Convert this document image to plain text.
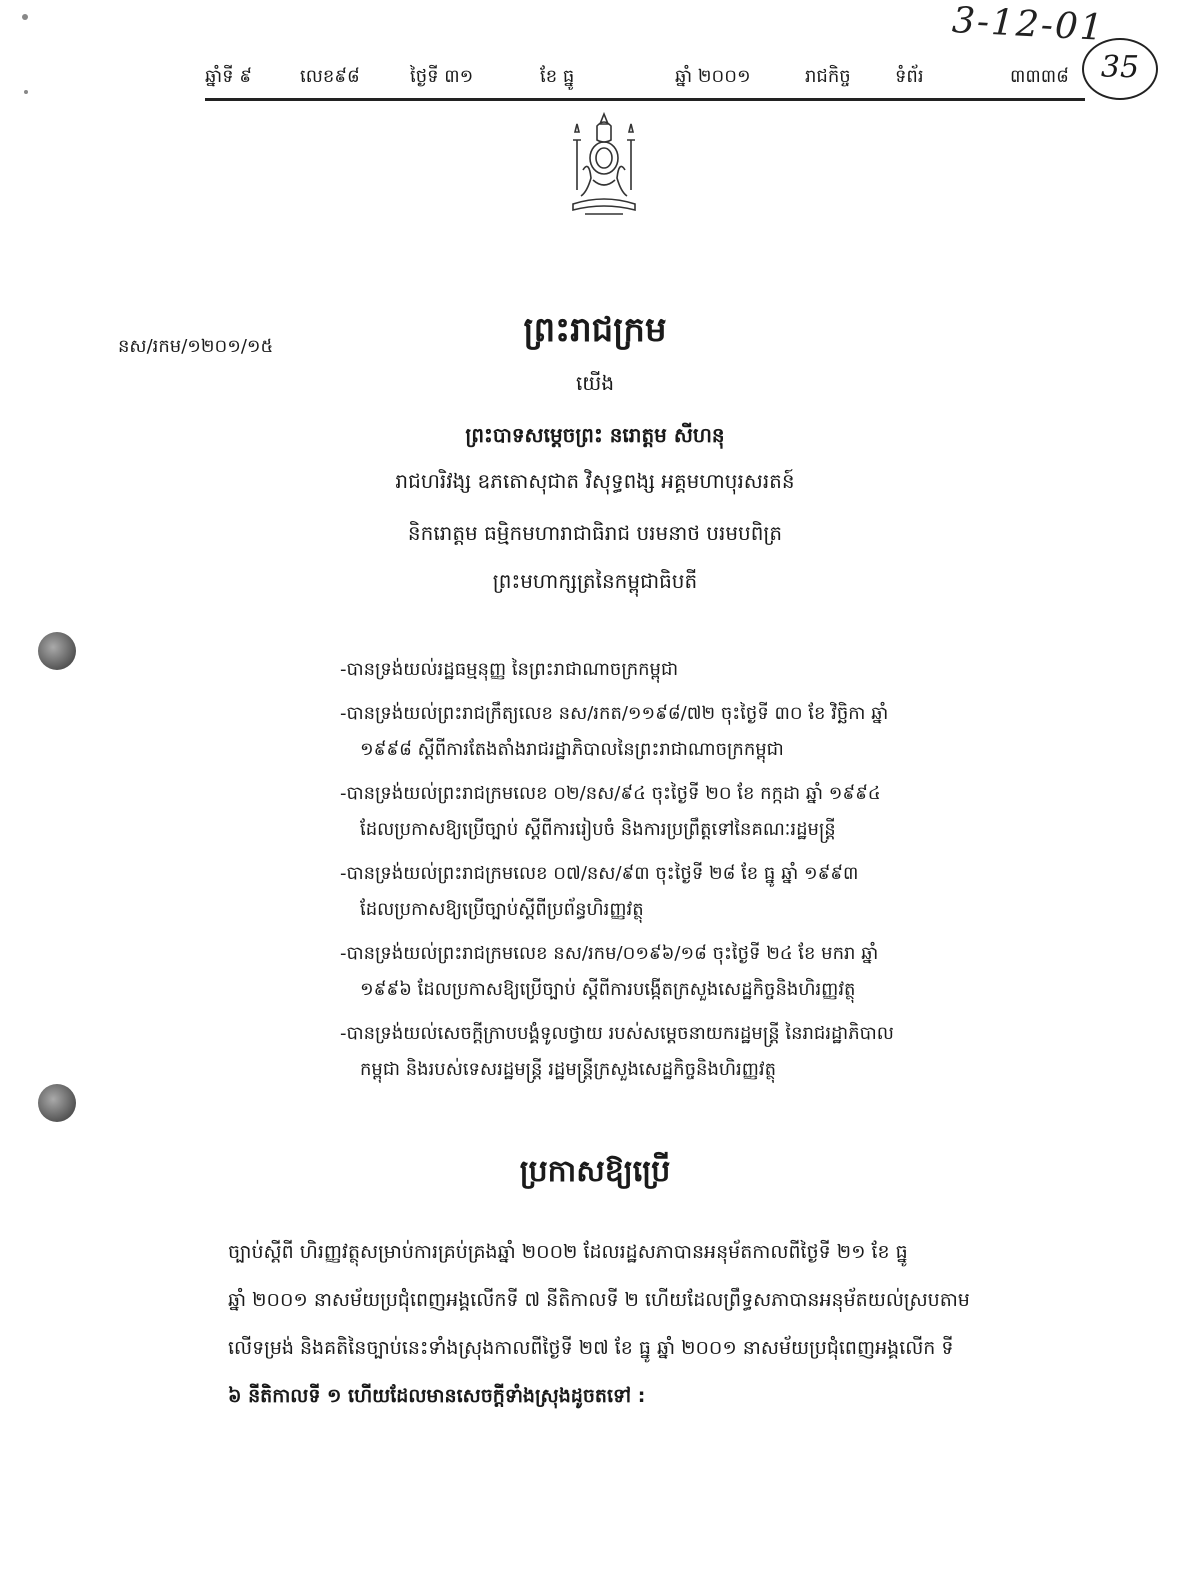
3-12-01
35
ឆ្នាំទី ៩	លេខ៩៨	ថ្ងៃទី ៣១	ខែ ធ្នូ	ឆ្នាំ ២០០១	រាជកិច្ច ទំព័រ	៣៣៣៨
នស/រកម/១២០១/១៥	ព្រះរាជក្រម
យើង
ព្រះបាទសម្តេចព្រះ នរោត្តម សីហនុ
រាជហរិវង្ស ឧភតោសុជាត វិសុទ្ធពង្ស អគ្គមហាបុរសរតន៍
និករោត្តម ធម្មិកមហារាជាធិរាជ បរមនាថ បរមបពិត្រ
ព្រះមហាក្សត្រនៃកម្ពុជាធិបតី
-បានទ្រង់យល់រដ្ឋធម្មនុញ្ញ នៃព្រះរាជាណាចក្រកម្ពុជា
-បានទ្រង់យល់ព្រះរាជក្រឹត្យលេខ នស/រកត/១១៩៨/៧២ ចុះថ្ងៃទី ៣០ ខែ វិច្ឆិកា ឆ្នាំ
១៩៩៨ ស្តីពីការតែងតាំងរាជរដ្ឋាភិបាលនៃព្រះរាជាណាចក្រកម្ពុជា
-បានទ្រង់យល់ព្រះរាជក្រមលេខ ០២/នស/៩៤ ចុះថ្ងៃទី ២០ ខែ កក្កដា ឆ្នាំ ១៩៩៤
ដែលប្រកាសឱ្យប្រើច្បាប់ ស្តីពីការរៀបចំ និងការប្រព្រឹត្តទៅនៃគណៈរដ្ឋមន្ត្រី
-បានទ្រង់យល់ព្រះរាជក្រមលេខ ០៧/នស/៩៣ ចុះថ្ងៃទី ២៨ ខែ ធ្នូ ឆ្នាំ ១៩៩៣
ដែលប្រកាសឱ្យប្រើច្បាប់ស្តីពីប្រព័ន្ធហិរញ្ញវត្ថុ
-បានទ្រង់យល់ព្រះរាជក្រមលេខ នស/រកម/០១៩៦/១៨ ចុះថ្ងៃទី ២៤ ខែ មករា ឆ្នាំ
១៩៩៦ ដែលប្រកាសឱ្យប្រើច្បាប់ ស្តីពីការបង្កើតក្រសួងសេដ្ឋកិច្ចនិងហិរញ្ញវត្ថុ
-បានទ្រង់យល់សេចក្តីក្រាបបង្គំទូលថ្វាយ របស់សម្តេចនាយករដ្ឋមន្ត្រី នៃរាជរដ្ឋាភិបាល
កម្ពុជា និងរបស់ទេសរដ្ឋមន្ត្រី រដ្ឋមន្ត្រីក្រសួងសេដ្ឋកិច្ចនិងហិរញ្ញវត្ថុ
ប្រកាសឱ្យប្រើ
ច្បាប់ស្តីពី ហិរញ្ញវត្ថុសម្រាប់ការគ្រប់គ្រងឆ្នាំ ២០០២ ដែលរដ្ឋសភាបានអនុម័តកាលពីថ្ងៃទី ២១ ខែ ធ្នូ
ឆ្នាំ ២០០១ នាសម័យប្រជុំពេញអង្គលើកទី ៧ នីតិកាលទី ២ ហើយដែលព្រឹទ្ធសភាបានអនុម័តយល់ស្របតាម
លើទម្រង់ និងគតិនៃច្បាប់នេះទាំងស្រុងកាលពីថ្ងៃទី ២៧ ខែ ធ្នូ ឆ្នាំ ២០០១ នាសម័យប្រជុំពេញអង្គលើក ទី
៦ នីតិកាលទី ១ ហើយដែលមានសេចក្តីទាំងស្រុងដូចតទៅ :
